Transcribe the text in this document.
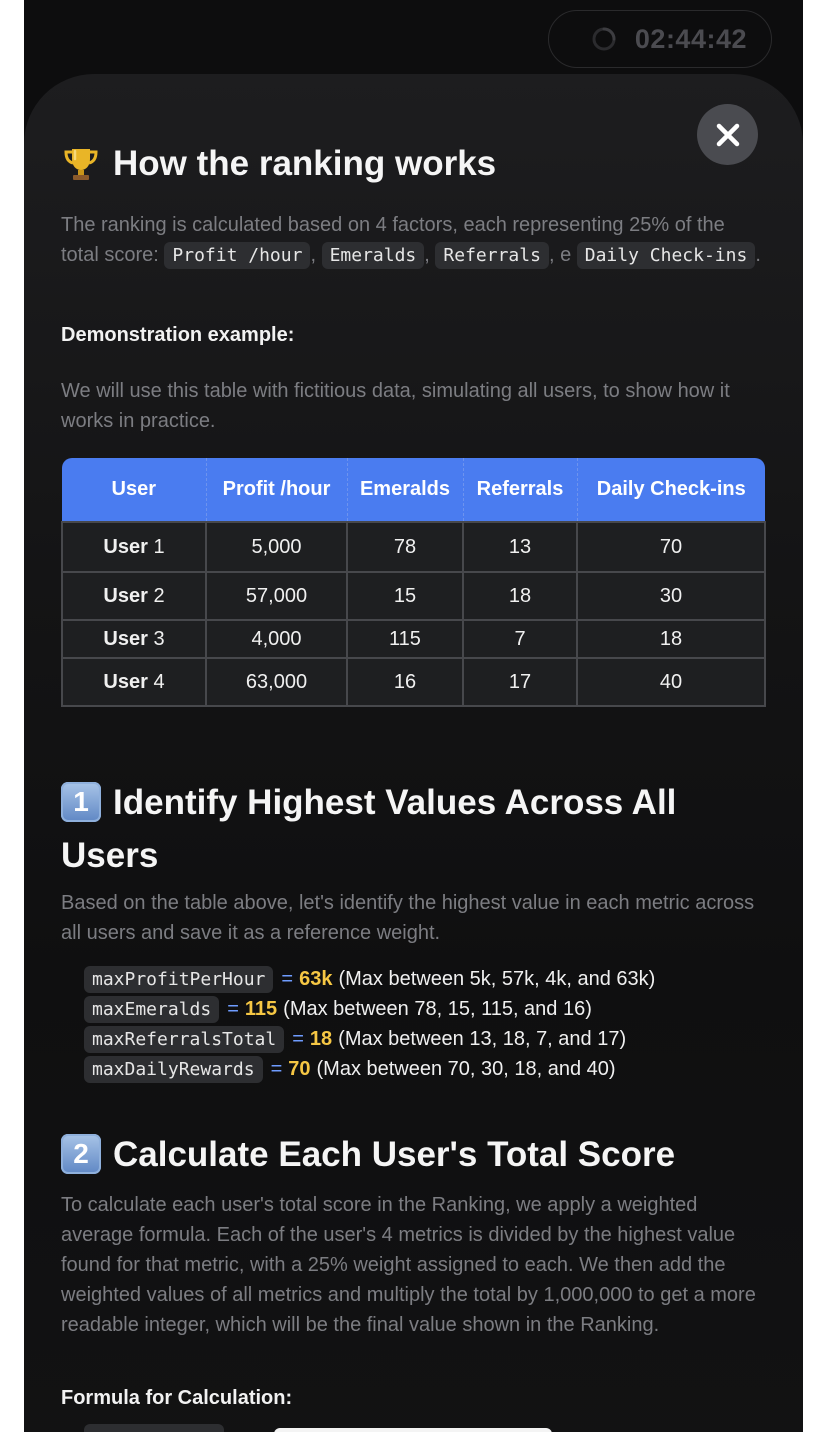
02:44:42
How the ranking works

The ranking is calculated based on 4 factors, each representing 25% of the total score: Profit /hour , Emeralds , Referrals , e Daily Check-ins .

Demonstration example:

We will use this table with fictitious data, simulating all users, to show how it works in practice.

User	Profit /hour	Emeralds	Referrals	Daily Check-ins
User 1	5,000	78	13	70
User 2	57,000	15	18	30
User 3	4,000	115	7	18
User 4	63,000	16	17	40
1 Identify Highest Values Across All Users

Based on the table above, let's identify the highest value in each metric across all users and save it as a reference weight.

maxProfitPerHour = 63k (Max between 5k, 57k, 4k, and 63k)
maxEmeralds = 115 (Max between 78, 15, 115, and 16)
maxReferralsTotal = 18 (Max between 13, 18, 7, and 17)
maxDailyRewards = 70 (Max between 70, 30, 18, and 40)
2 Calculate Each User's Total Score

To calculate each user's total score in the Ranking, we apply a weighted average formula. Each of the user's 4 metrics is divided by the highest value found for that metric, with a 25% weight assigned to each. We then add the weighted values of all metrics and multiply the total by 1,000,000 to get a more readable integer, which will be the final value shown in the Ranking.

Formula for Calculation:
